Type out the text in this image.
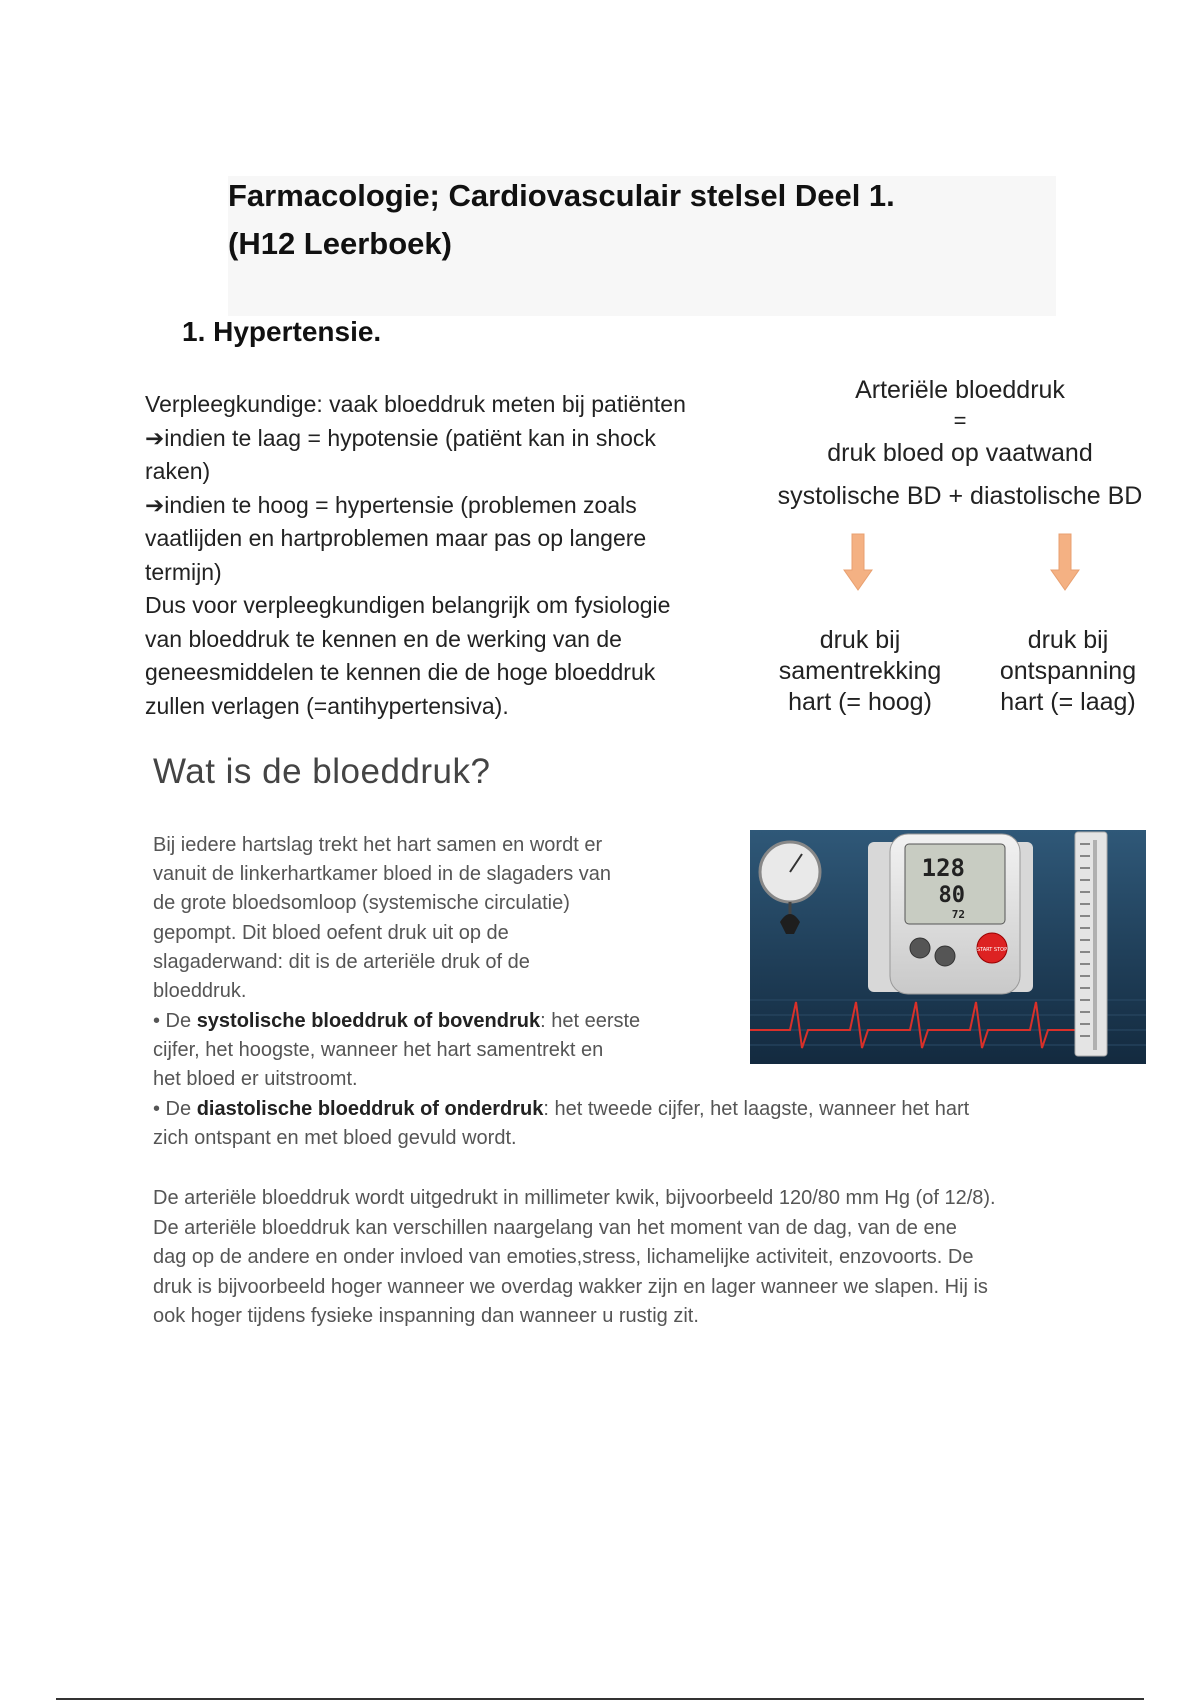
Farmacologie; Cardiovasculair stelsel Deel 1.
(H12 Leerboek)
1. Hypertensie.
Verpleegkundige: vaak bloeddruk meten bij patiënten
➔indien te laag = hypotensie (patiënt kan in shock
raken)
➔indien te hoog = hypertensie (problemen zoals
vaatlijden en hartproblemen maar pas op langere
termijn)
Dus voor verpleegkundigen belangrijk om fysiologie
van bloeddruk te kennen en de werking van de
geneesmiddelen te kennen die de hoge bloeddruk
zullen verlagen (=antihypertensiva).
Arteriële bloeddruk
=
druk bloed op vaatwand
systolische BD + diastolische BD
druk bij
samentrekking
hart (= hoog)
druk bij
ontspanning
hart (= laag)
Wat is de bloeddruk?
Bij iedere hartslag trekt het hart samen en wordt er
vanuit de linkerhartkamer bloed in de slagaders van
de grote bloedsomloop (systemische circulatie)
gepompt. Dit bloed oefent druk uit op de
slagaderwand: dit is de arteriële druk of de
bloeddruk.
• De systolische bloeddruk of bovendruk: het eerste
cijfer, het hoogste, wanneer het hart samentrekt en
het bloed er uitstroomt.
• De diastolische bloeddruk of onderdruk: het tweede cijfer, het laagste, wanneer het hart
zich ontspant en met bloed gevuld wordt.
De arteriële bloeddruk wordt uitgedrukt in millimeter kwik, bijvoorbeeld 120/80 mm Hg (of 12/8).
De arteriële bloeddruk kan verschillen naargelang van het moment van de dag, van de ene
dag op de andere en onder invloed van emoties,stress, lichamelijke activiteit, enzovoorts. De
druk is bijvoorbeeld hoger wanneer we overdag wakker zijn en lager wanneer we slapen. Hij is
ook hoger tijdens fysieke inspanning dan wanneer u rustig zit.
128
80
72
START STOP
